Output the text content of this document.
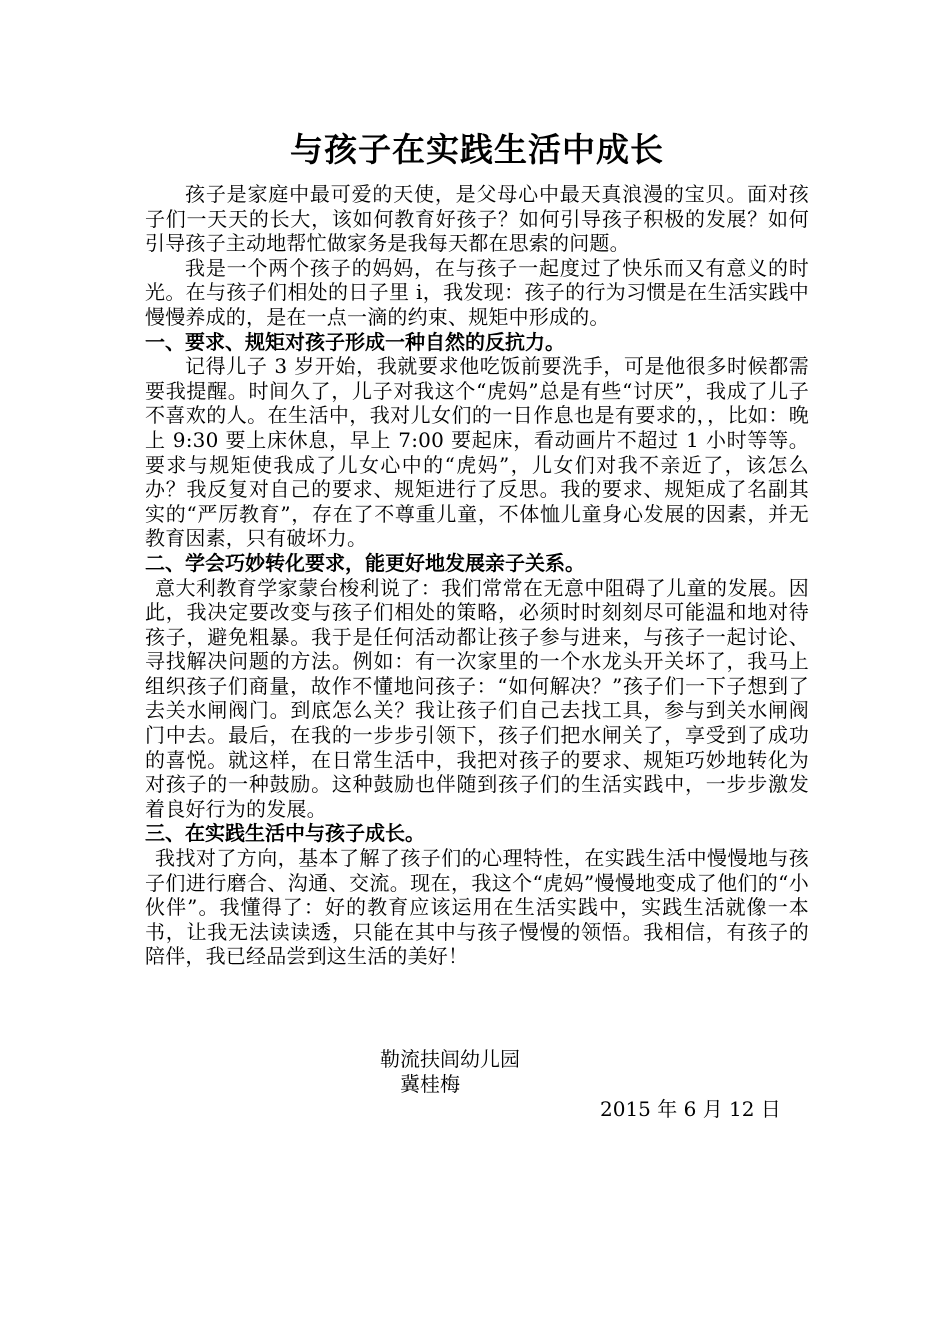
与孩子在实践生活中成长

孩子是家庭中最可爱的天使，是父母心中最天真浪漫的宝贝。面对孩子们一天天的长大，该如何教育好孩子？如何引导孩子积极的发展？如何引导孩子主动地帮忙做家务是我每天都在思索的问题。

我是一个两个孩子的妈妈，在与孩子一起度过了快乐而又有意义的时光。在与孩子们相处的日子里 i，我发现：孩子的行为习惯是在生活实践中慢慢养成的，是在一点一滴的约束、规矩中形成的。

一、要求、规矩对孩子形成一种自然的反抗力。

记得儿子 3 岁开始，我就要求他吃饭前要洗手，可是他很多时候都需要我提醒。时间久了，儿子对我这个“虎妈”总是有些“讨厌”，我成了儿子不喜欢的人。在生活中，我对儿女们的一日作息也是有要求的，，比如：晚上 9:30 要上床休息，早上 7:00 要起床，看动画片不超过 1 小时等等。要求与规矩使我成了儿女心中的“虎妈”，儿女们对我不亲近了，该怎么办？我反复对自己的要求、规矩进行了反思。我的要求、规矩成了名副其实的“严厉教育”，存在了不尊重儿童，不体恤儿童身心发展的因素，并无教育因素，只有破坏力。

二、学会巧妙转化要求，能更好地发展亲子关系。

意大利教育学家蒙台梭利说了：我们常常在无意中阻碍了儿童的发展。因此，我决定要改变与孩子们相处的策略，必须时时刻刻尽可能温和地对待孩子，避免粗暴。我于是任何活动都让孩子参与进来，与孩子一起讨论、寻找解决问题的方法。例如：有一次家里的一个水龙头开关坏了，我马上组织孩子们商量，故作不懂地问孩子：“如何解决？”孩子们一下子想到了去关水闸阀门。到底怎么关？我让孩子们自己去找工具，参与到关水闸阀门中去。最后，在我的一步步引领下，孩子们把水闸关了，享受到了成功的喜悦。就这样，在日常生活中，我把对孩子的要求、规矩巧妙地转化为对孩子的一种鼓励。这种鼓励也伴随到孩子们的生活实践中，一步步激发着良好行为的发展。

三、在实践生活中与孩子成长。

我找对了方向，基本了解了孩子们的心理特性，在实践生活中慢慢地与孩子们进行磨合、沟通、交流。现在，我这个“虎妈”慢慢地变成了他们的“小伙伴”。我懂得了：好的教育应该运用在生活实践中，实践生活就像一本书，让我无法读读透，只能在其中与孩子慢慢的领悟。我相信，有孩子的陪伴，我已经品尝到这生活的美好！

勒流扶闾幼儿园
冀桂梅
2015 年 6 月 12 日
